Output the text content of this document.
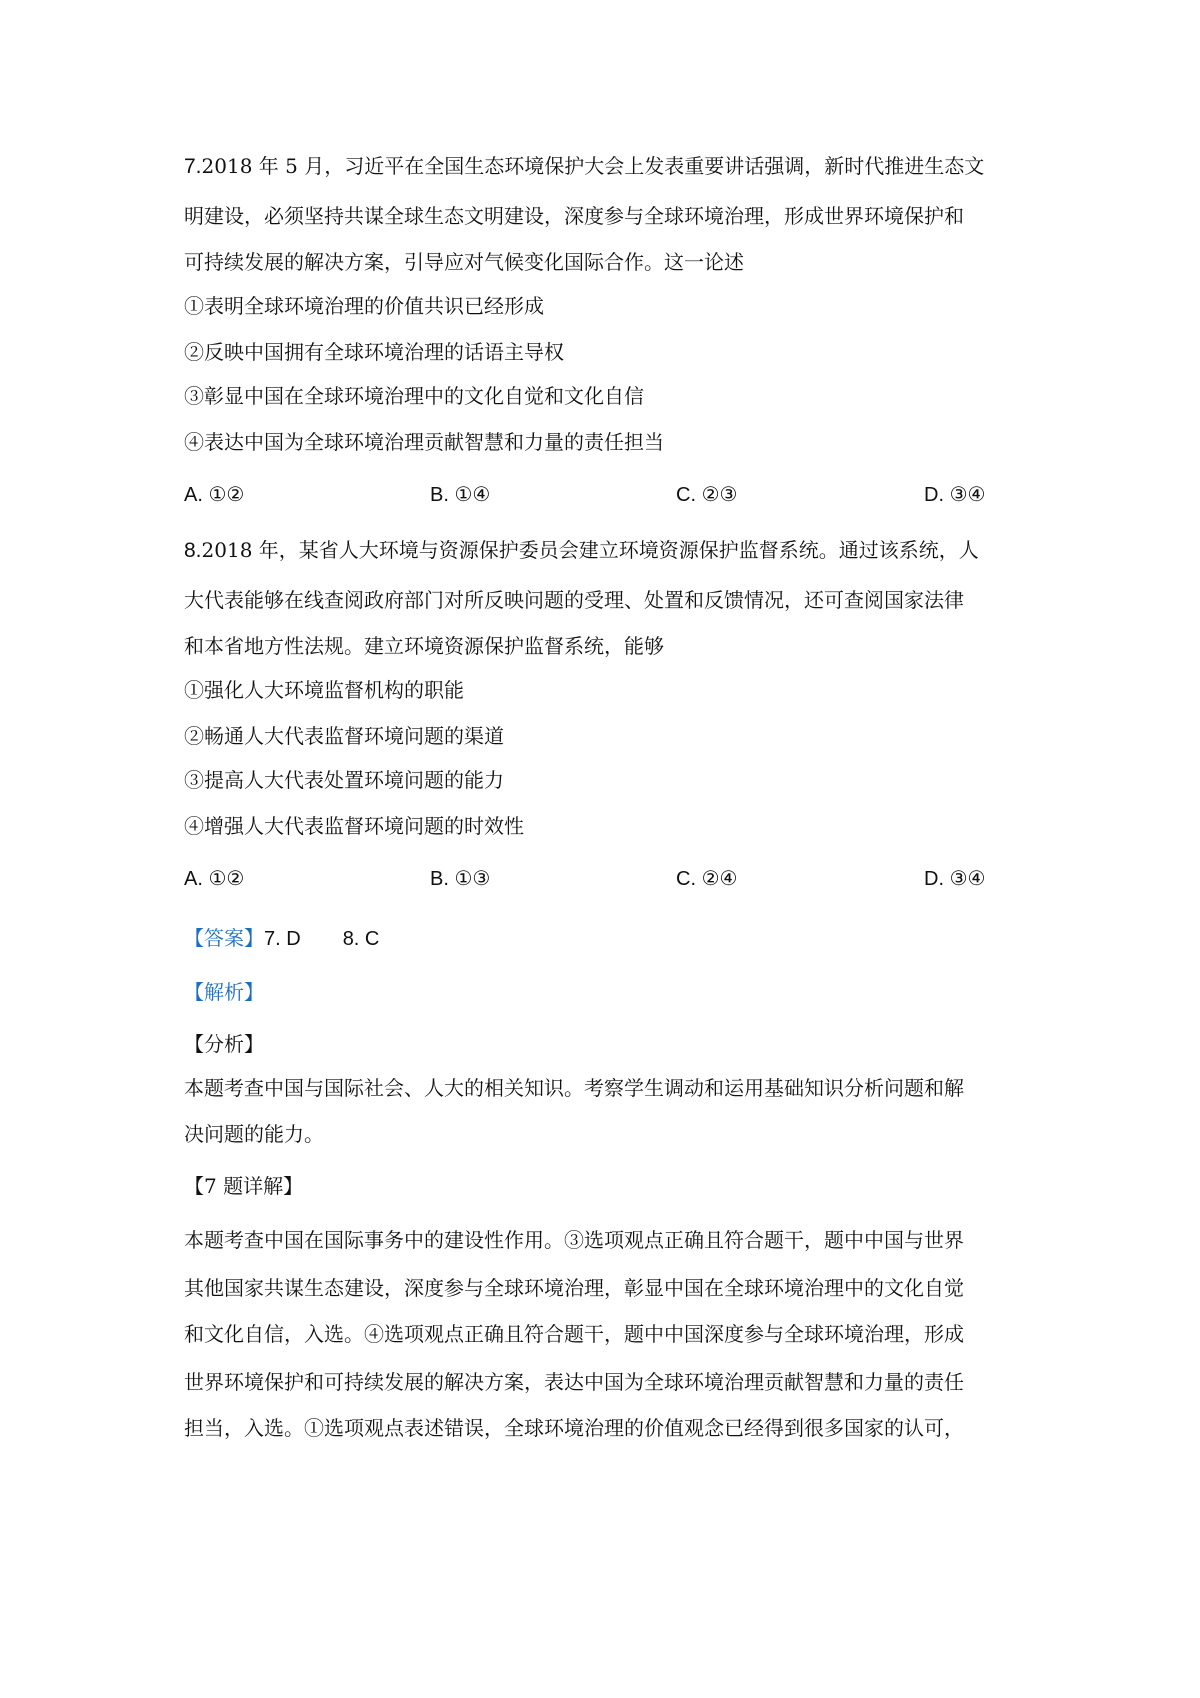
7.2018 年 5 月，习近平在全国生态环境保护大会上发表重要讲话强调，新时代推进生态文
明建设，必须坚持共谋全球生态文明建设，深度参与全球环境治理，形成世界环境保护和
可持续发展的解决方案，引导应对气候变化国际合作。这一论述
①表明全球环境治理的价值共识已经形成
②反映中国拥有全球环境治理的话语主导权
③彰显中国在全球环境治理中的文化自觉和文化自信
④表达中国为全球环境治理贡献智慧和力量的责任担当
A. ①②	B. ①④	C. ②③	D. ③④
8.2018 年，某省人大环境与资源保护委员会建立环境资源保护监督系统。通过该系统，人
大代表能够在线查阅政府部门对所反映问题的受理、处置和反馈情况，还可查阅国家法律
和本省地方性法规。建立环境资源保护监督系统，能够
①强化人大环境监督机构的职能
②畅通人大代表监督环境问题的渠道
③提高人大代表处置环境问题的能力
④增强人大代表监督环境问题的时效性
A. ①②	B. ①③	C. ②④	D. ③④
【答案】7. D 8. C
【解析】
【分析】
本题考查中国与国际社会、人大的相关知识。考察学生调动和运用基础知识分析问题和解
决问题的能力。
【7 题详解】
本题考查中国在国际事务中的建设性作用。③选项观点正确且符合题干，题中中国与世界
其他国家共谋生态建设，深度参与全球环境治理，彰显中国在全球环境治理中的文化自觉
和文化自信，入选。④选项观点正确且符合题干，题中中国深度参与全球环境治理，形成
世界环境保护和可持续发展的解决方案，表达中国为全球环境治理贡献智慧和力量的责任
担当，入选。①选项观点表述错误，全球环境治理的价值观念已经得到很多国家的认可，
